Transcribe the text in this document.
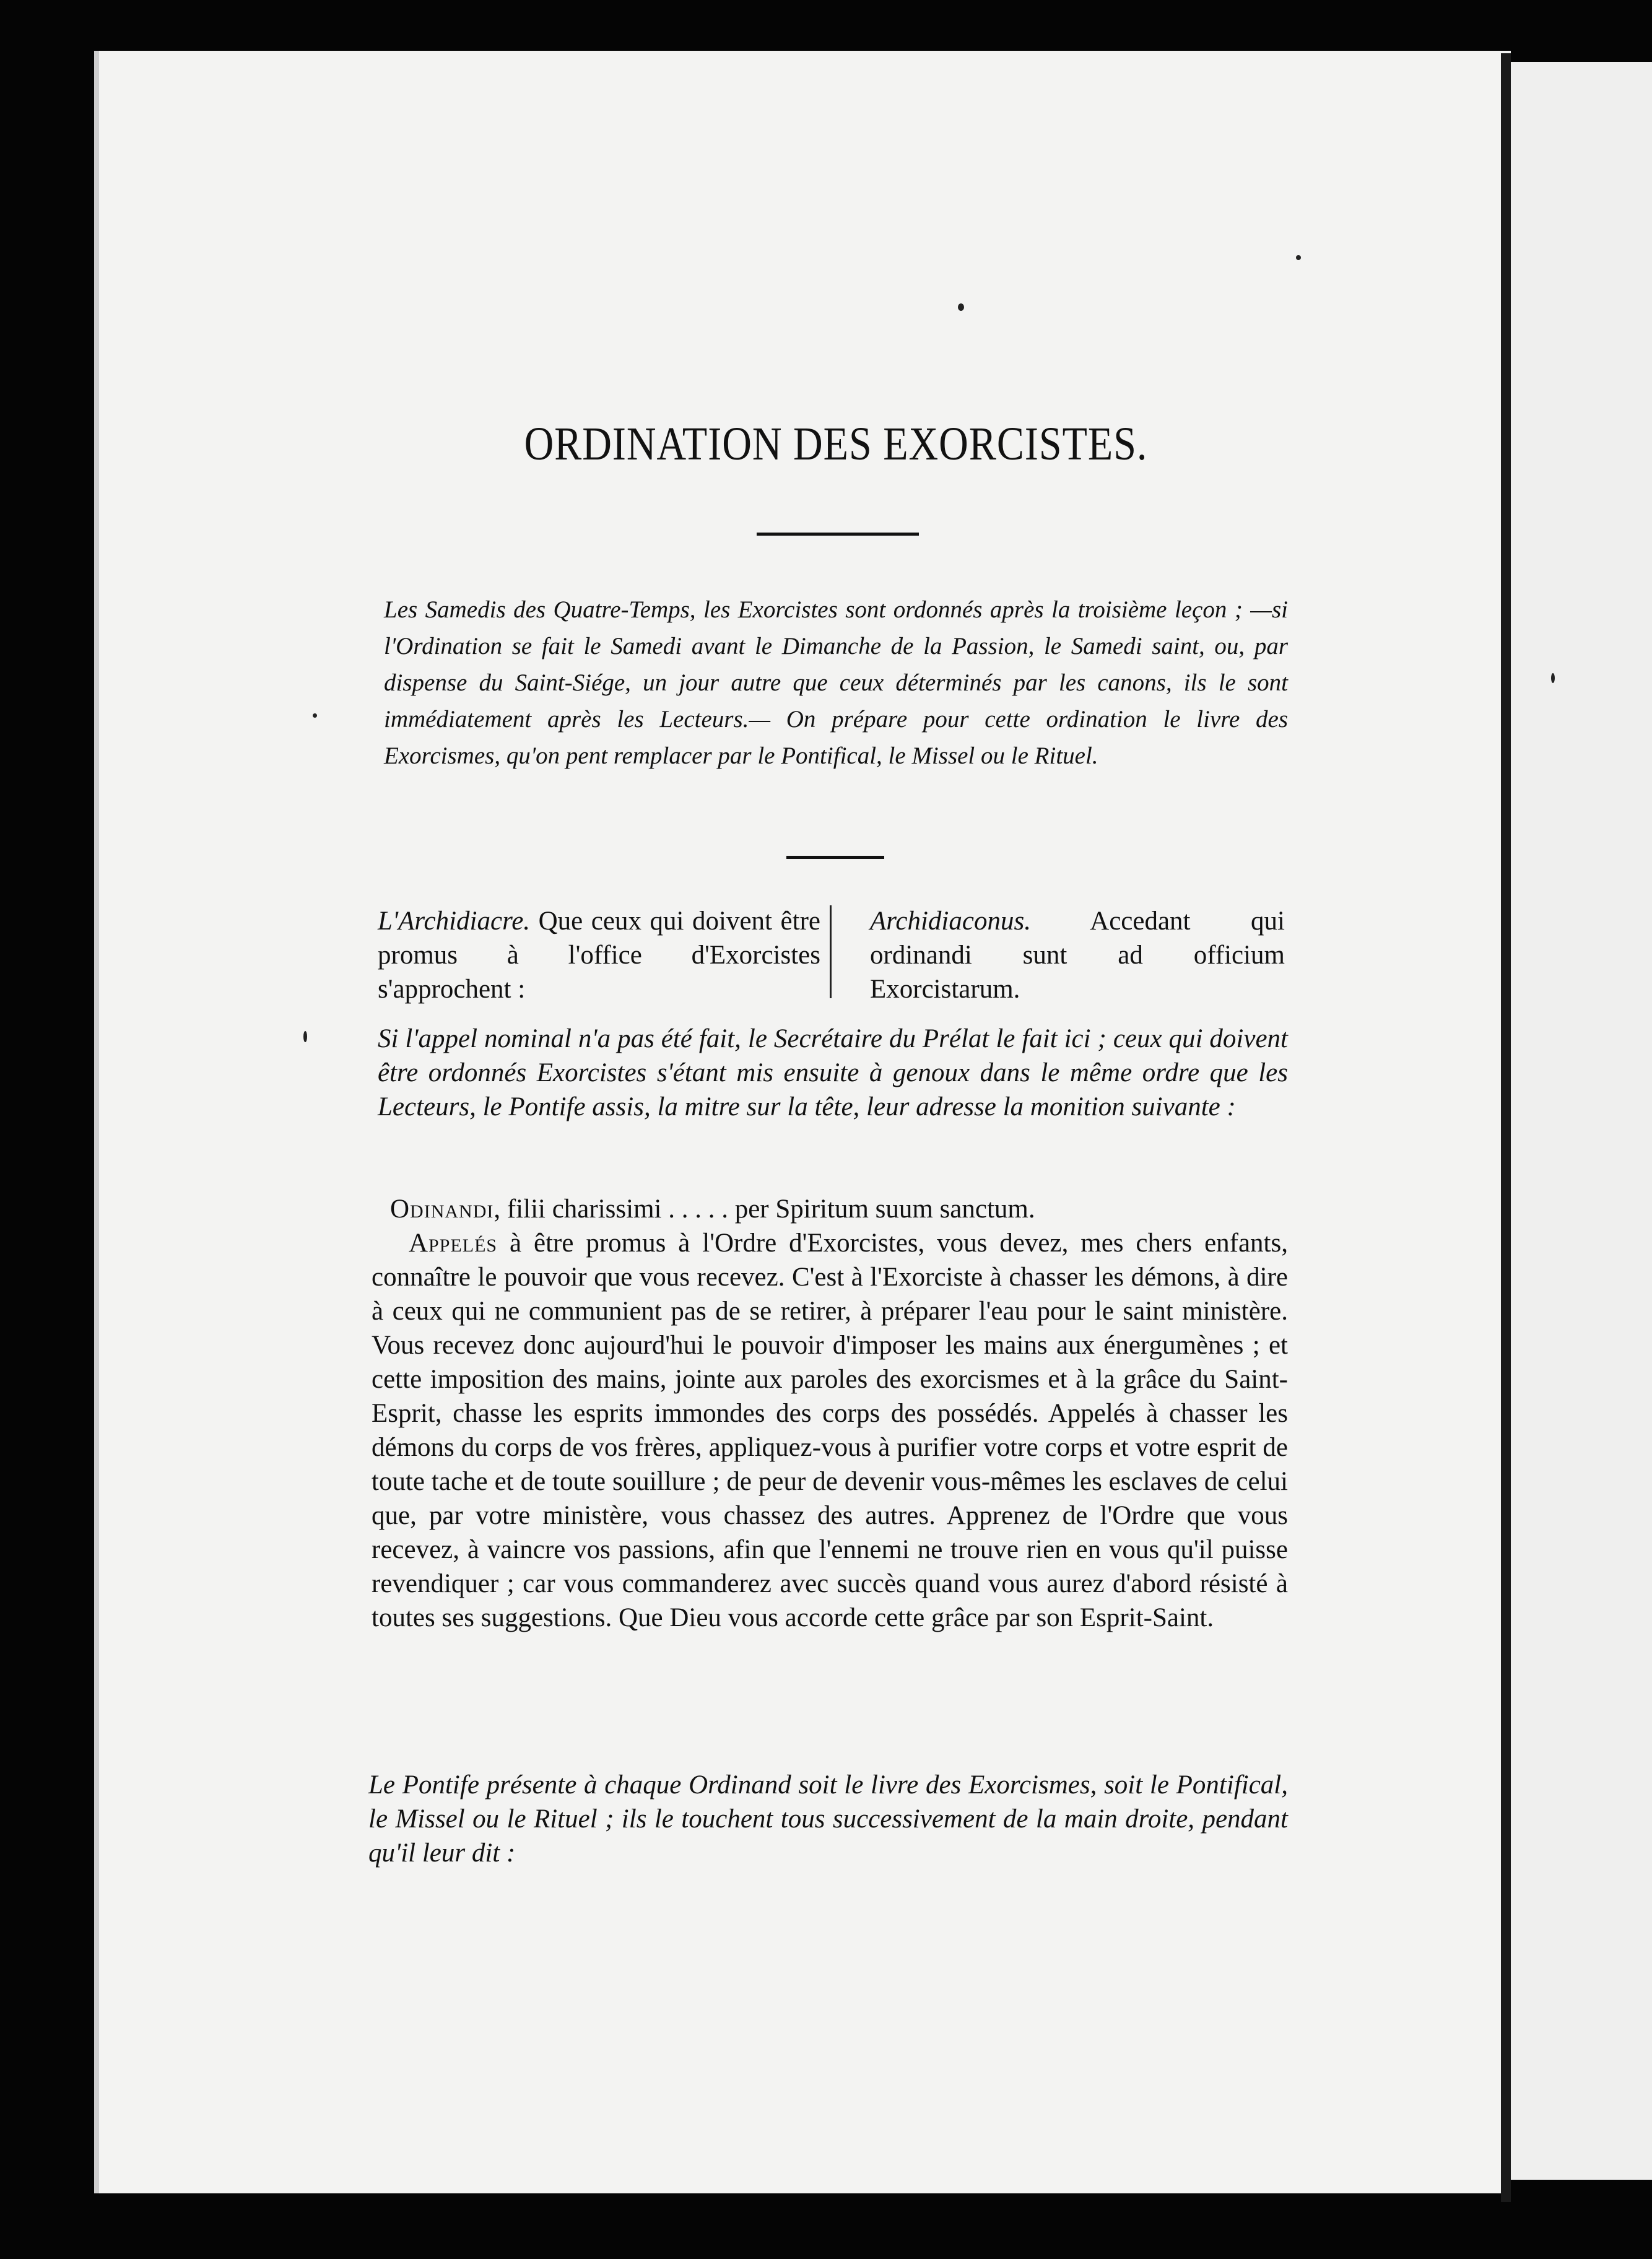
ORDINATION DES EXORCISTES.
Les Samedis des Quatre-Temps, les Exorcistes sont ordonnés après la troisième leçon ; —si l'Ordination se fait le Samedi avant le Dimanche de la Passion, le Samedi saint, ou, par dispense du Saint-Siége, un jour autre que ceux déterminés par les canons, ils le sont immédiatement après les Lecteurs.— On prépare pour cette ordination le livre des Exorcismes, qu'on pent remplacer par le Pontifical, le Missel ou le Rituel.
L'Archidiacre. Que ceux qui doivent être promus à l'office d'Exorcistes s'approchent :
Archidiaconus. Accedant qui ordinandi sunt ad officium Exorcistarum.
Si l'appel nominal n'a pas été fait, le Secrétaire du Prélat le fait ici ; ceux qui doivent être ordonnés Exorcistes s'étant mis ensuite à genoux dans le même ordre que les Lecteurs, le Pontife assis, la mitre sur la tête, leur adresse la monition suivante :
Odinandi, filii charissimi . . . . . per Spiritum suum sanctum.
Appelés à être promus à l'Ordre d'Exorcistes, vous devez, mes chers enfants, connaître le pouvoir que vous recevez. C'est à l'Exorciste à chasser les démons, à dire à ceux qui ne communient pas de se retirer, à préparer l'eau pour le saint ministère. Vous recevez donc aujourd'hui le pouvoir d'imposer les mains aux énergumènes ; et cette imposition des mains, jointe aux paroles des exorcismes et à la grâce du Saint-Esprit, chasse les esprits immondes des corps des possédés. Appelés à chasser les démons du corps de vos frères, appliquez-vous à purifier votre corps et votre esprit de toute tache et de toute souillure ; de peur de devenir vous-mêmes les esclaves de celui que, par votre ministère, vous chassez des autres. Apprenez de l'Ordre que vous recevez, à vaincre vos passions, afin que l'ennemi ne trouve rien en vous qu'il puisse revendiquer ; car vous commanderez avec succès quand vous aurez d'abord résisté à toutes ses suggestions. Que Dieu vous accorde cette grâce par son Esprit-Saint.
Le Pontife présente à chaque Ordinand soit le livre des Exorcismes, soit le Pontifical, le Missel ou le Rituel ; ils le touchent tous successivement de la main droite, pendant qu'il leur dit :
